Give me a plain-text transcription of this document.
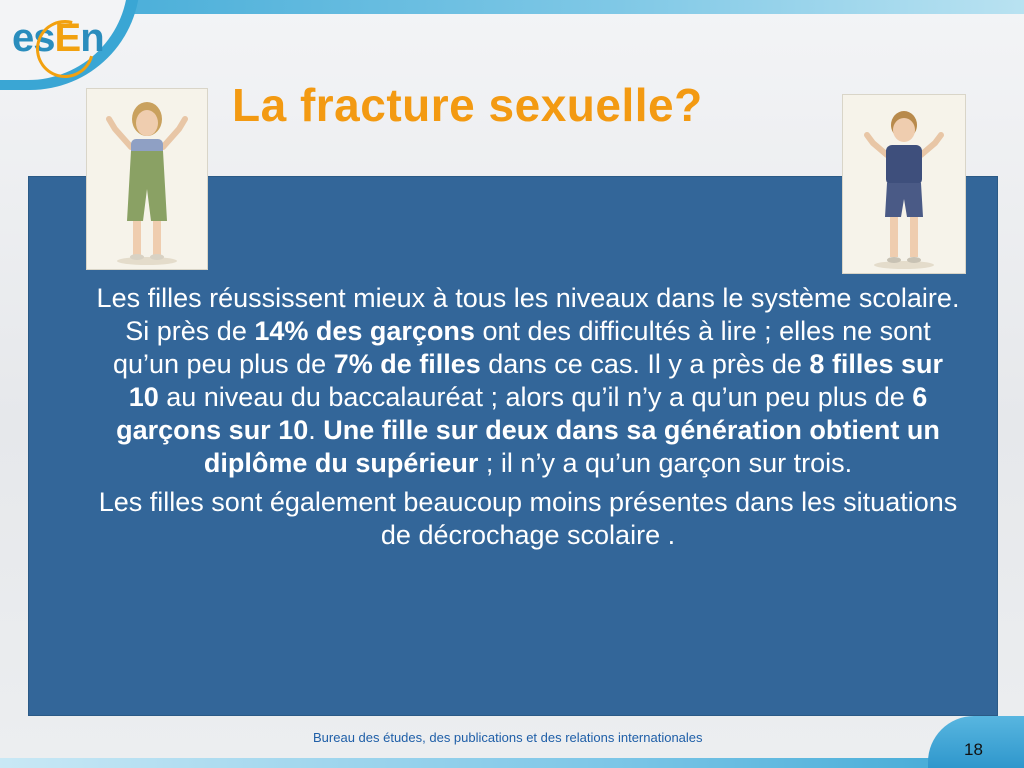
esEn
La fracture sexuelle?

Les filles réussissent mieux à tous les niveaux dans le système scolaire. Si près de 14% des garçons ont des difficultés à lire ; elles ne sont qu’un peu plus de 7% de filles dans ce cas. Il y a près de 8 filles sur 10 au niveau du baccalauréat ; alors qu’il n’y a qu’un peu plus de 6 garçons sur 10. Une fille sur deux dans sa génération obtient un diplôme du supérieur ; il n’y a qu’un garçon sur trois.

Les filles sont également beaucoup moins présentes dans les situations de décrochage scolaire .

Bureau des études, des publications et des relations internationales
18
